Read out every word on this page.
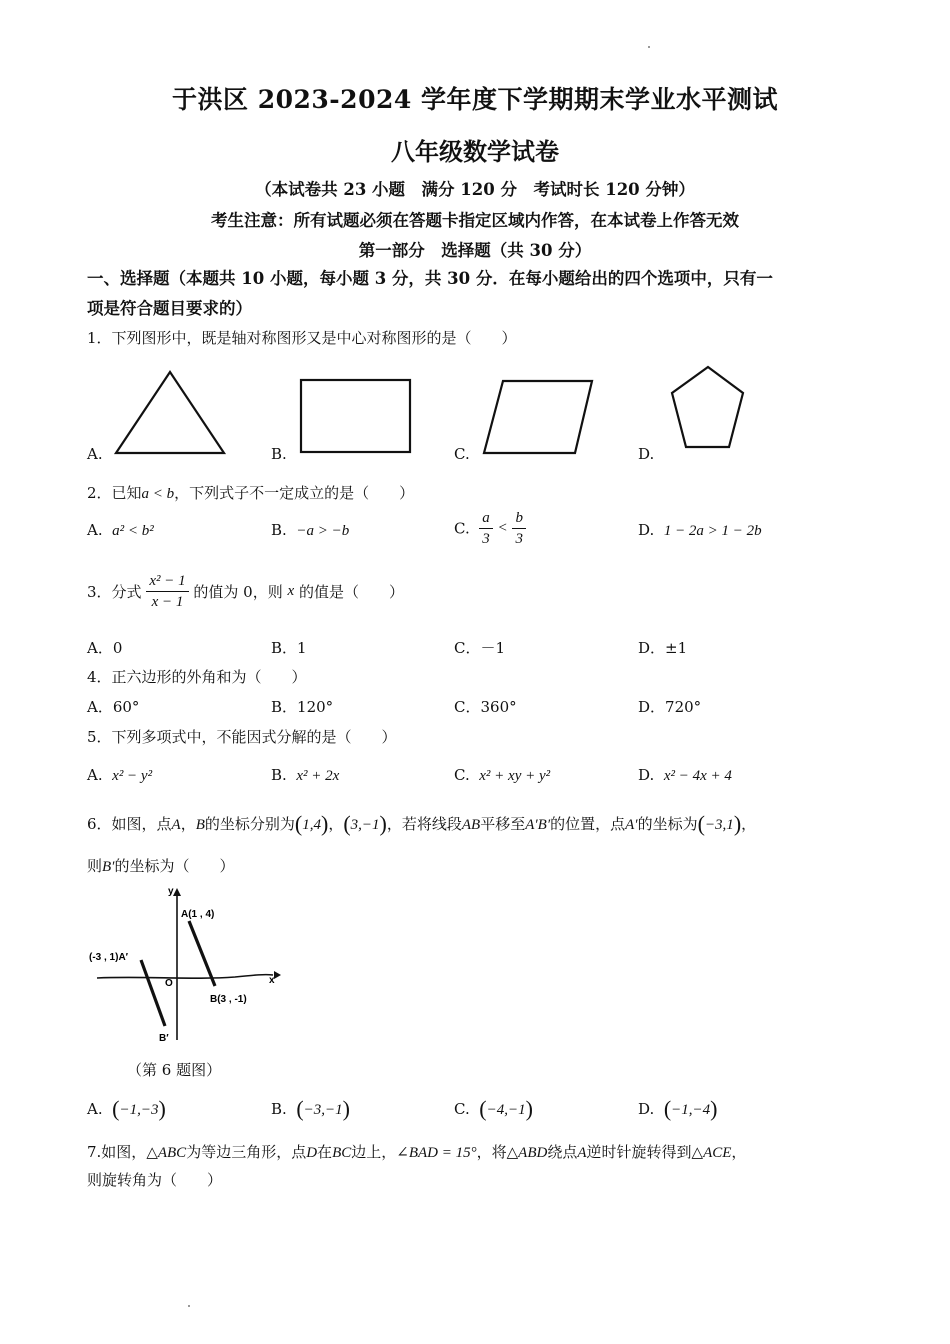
于洪区 2023-2024 学年度下学期期末学业水平测试
八年级数学试卷
（本试卷共 23 小题　满分 120 分　考试时长 120 分钟）
考生注意：所有试题必须在答题卡指定区域内作答，在本试卷上作答无效
第一部分　选择题（共 30 分）
一、选择题（本题共 10 小题，每小题 3 分，共 30 分．在每小题给出的四个选项中，只有一
项是符合题目要求的）
1．下列图形中，既是轴对称图形又是中心对称图形的是（　　）
A.	B.	C.	D.
2．已知a < b，下列式子不一定成立的是（　　）
A. a² < b²	B. −a > −b	C. $\frac{a}{3} < \frac{b}{3}$	D. 1 − 2a > 1 − 2b
3．分式 $\frac{\text{x² − 1}}{x - 1}$ 的值为 0，则 x 的值是（　　）
A．0	B．1	C．－1	D．±1
4．正六边形的外角和为（　　）
A．60°	B．120°	C．360°	D．720°
5．下列多项式中，不能因式分解的是（　　）
A. x² − y²	B. x² + 2x	C. x² + xy + y²	D. x² − 4x + 4
6．如图，点A，B的坐标分别为(1,4)，(3,−1)，若将线段AB平移至A′B′的位置，点A′的坐标为(−3,1)，
则B′的坐标为（　　）
x
y
O
A(1 , 4)
B(3 , -1)
(-3 , 1)A′
B′
（第 6 题图）
A. (−1,−3)	B. (−3,−1)	C. (−4,−1)	D. (−1,−4)
7.如图，△ABC为等边三角形，点D在BC边上，∠BAD = 15°，将△ABD绕点A逆时针旋转得到△ACE，
则旋转角为（　　）
